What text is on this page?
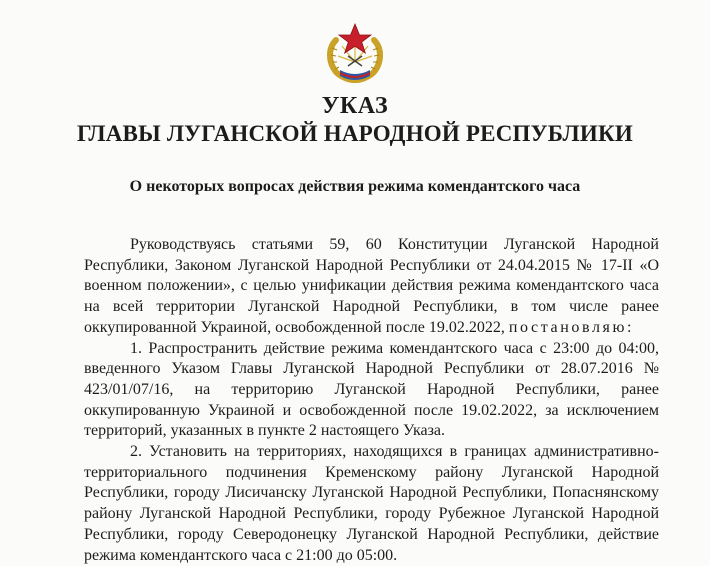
УКАЗ
ГЛАВЫ ЛУГАНСКОЙ НАРОДНОЙ РЕСПУБЛИКИ
О некоторых вопросах действия режима комендантского часа

Руководствуясь статьями 59, 60 Конституции Луганской Народной Республики, Законом Луганской Народной Республики от 24.04.2015 № 17-II «О военном положении», с целью унификации действия режима комендантского часа на всей территории Луганской Народной Республики, в том числе ранее оккупированной Украиной, освобожденной после 19.02.2022, постановляю:

1. Распространить действие режима комендантского часа с 23:00 до 04:00, введенного Указом Главы Луганской Народной Республики от 28.07.2016 № 423/01/07/16, на территорию Луганской Народной Республики, ранее оккупированную Украиной и освобожденной после 19.02.2022, за исключением территорий, указанных в пункте 2 настоящего Указа.

2. Установить на территориях, находящихся в границах административно-территориального подчинения Кременскому району Луганской Народной Республики, городу Лисичанску Луганской Народной Республики, Попаснянскому району Луганской Народной Республики, городу Рубежное Луганской Народной Республики, городу Северодонецку Луганской Народной Республики, действие режима комендантского часа с 21:00 до 05:00.
